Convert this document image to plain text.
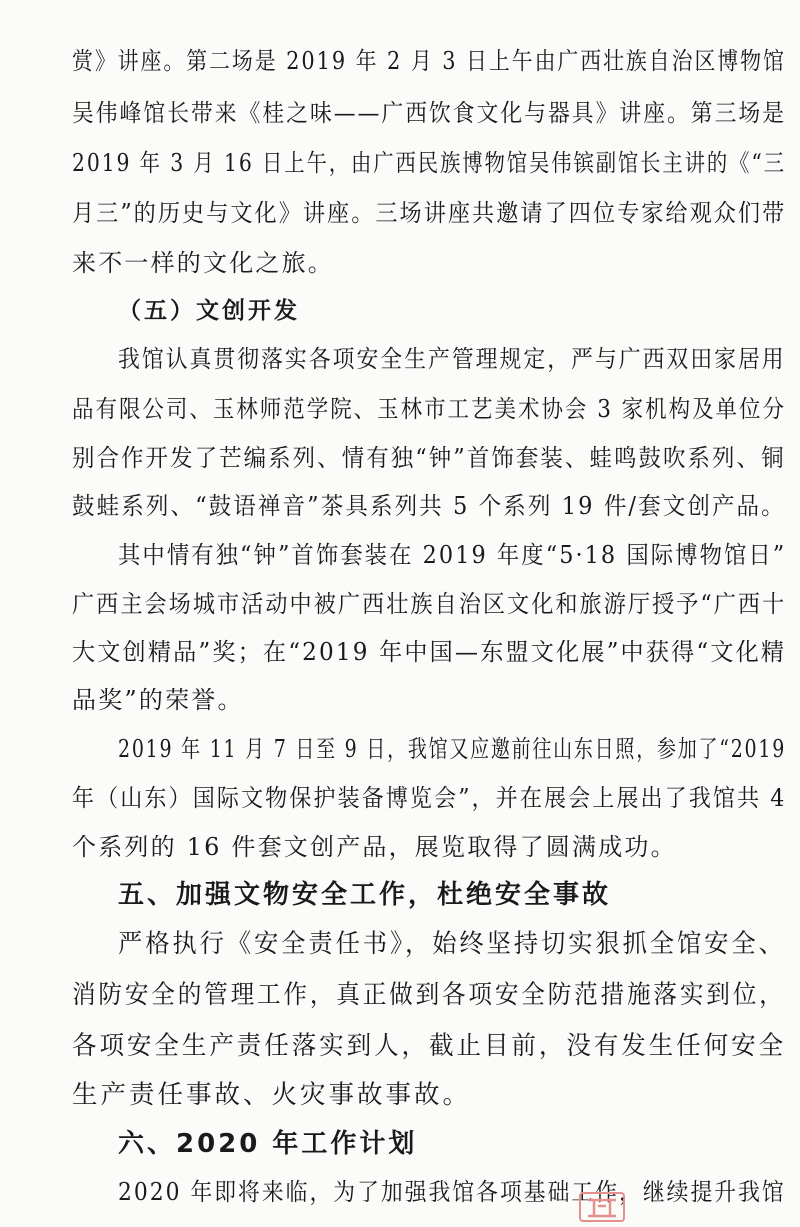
赏》讲座。第二场是 2019 年 2 月 3 日上午由广西壮族自治区博物馆
吴伟峰馆长带来《桂之味——广西饮食文化与器具》讲座。第三场是
2019 年 3 月 16 日上午，由广西民族博物馆吴伟镔副馆长主讲的《“三
月三”的历史与文化》讲座。三场讲座共邀请了四位专家给观众们带
来不一样的文化之旅。
（五）文创开发
我馆认真贯彻落实各项安全生产管理规定，严与广西双田家居用
品有限公司、玉林师范学院、玉林市工艺美术协会 3 家机构及单位分
别合作开发了芒编系列、情有独“钟”首饰套装、蛙鸣鼓吹系列、铜
鼓蛙系列、“鼓语禅音”茶具系列共 5 个系列 19 件/套文创产品。
其中情有独“钟”首饰套装在 2019 年度“5·18 国际博物馆日”
广西主会场城市活动中被广西壮族自治区文化和旅游厅授予“广西十
大文创精品”奖；在“2019 年中国—东盟文化展”中获得“文化精
品奖”的荣誉。
2019 年 11 月 7 日至 9 日，我馆又应邀前往山东日照，参加了“2019
年（山东）国际文物保护装备博览会”，并在展会上展出了我馆共 4
个系列的 16 件套文创产品，展览取得了圆满成功。
五、加强文物安全工作，杜绝安全事故
严格执行《安全责任书》，始终坚持切实狠抓全馆安全、
消防安全的管理工作，真正做到各项安全防范措施落实到位，
各项安全生产责任落实到人，截止目前，没有发生任何安全
生产责任事故、火灾事故事故。
六、2020 年工作计划
2020 年即将来临，为了加强我馆各项基础工作，继续提升我馆
